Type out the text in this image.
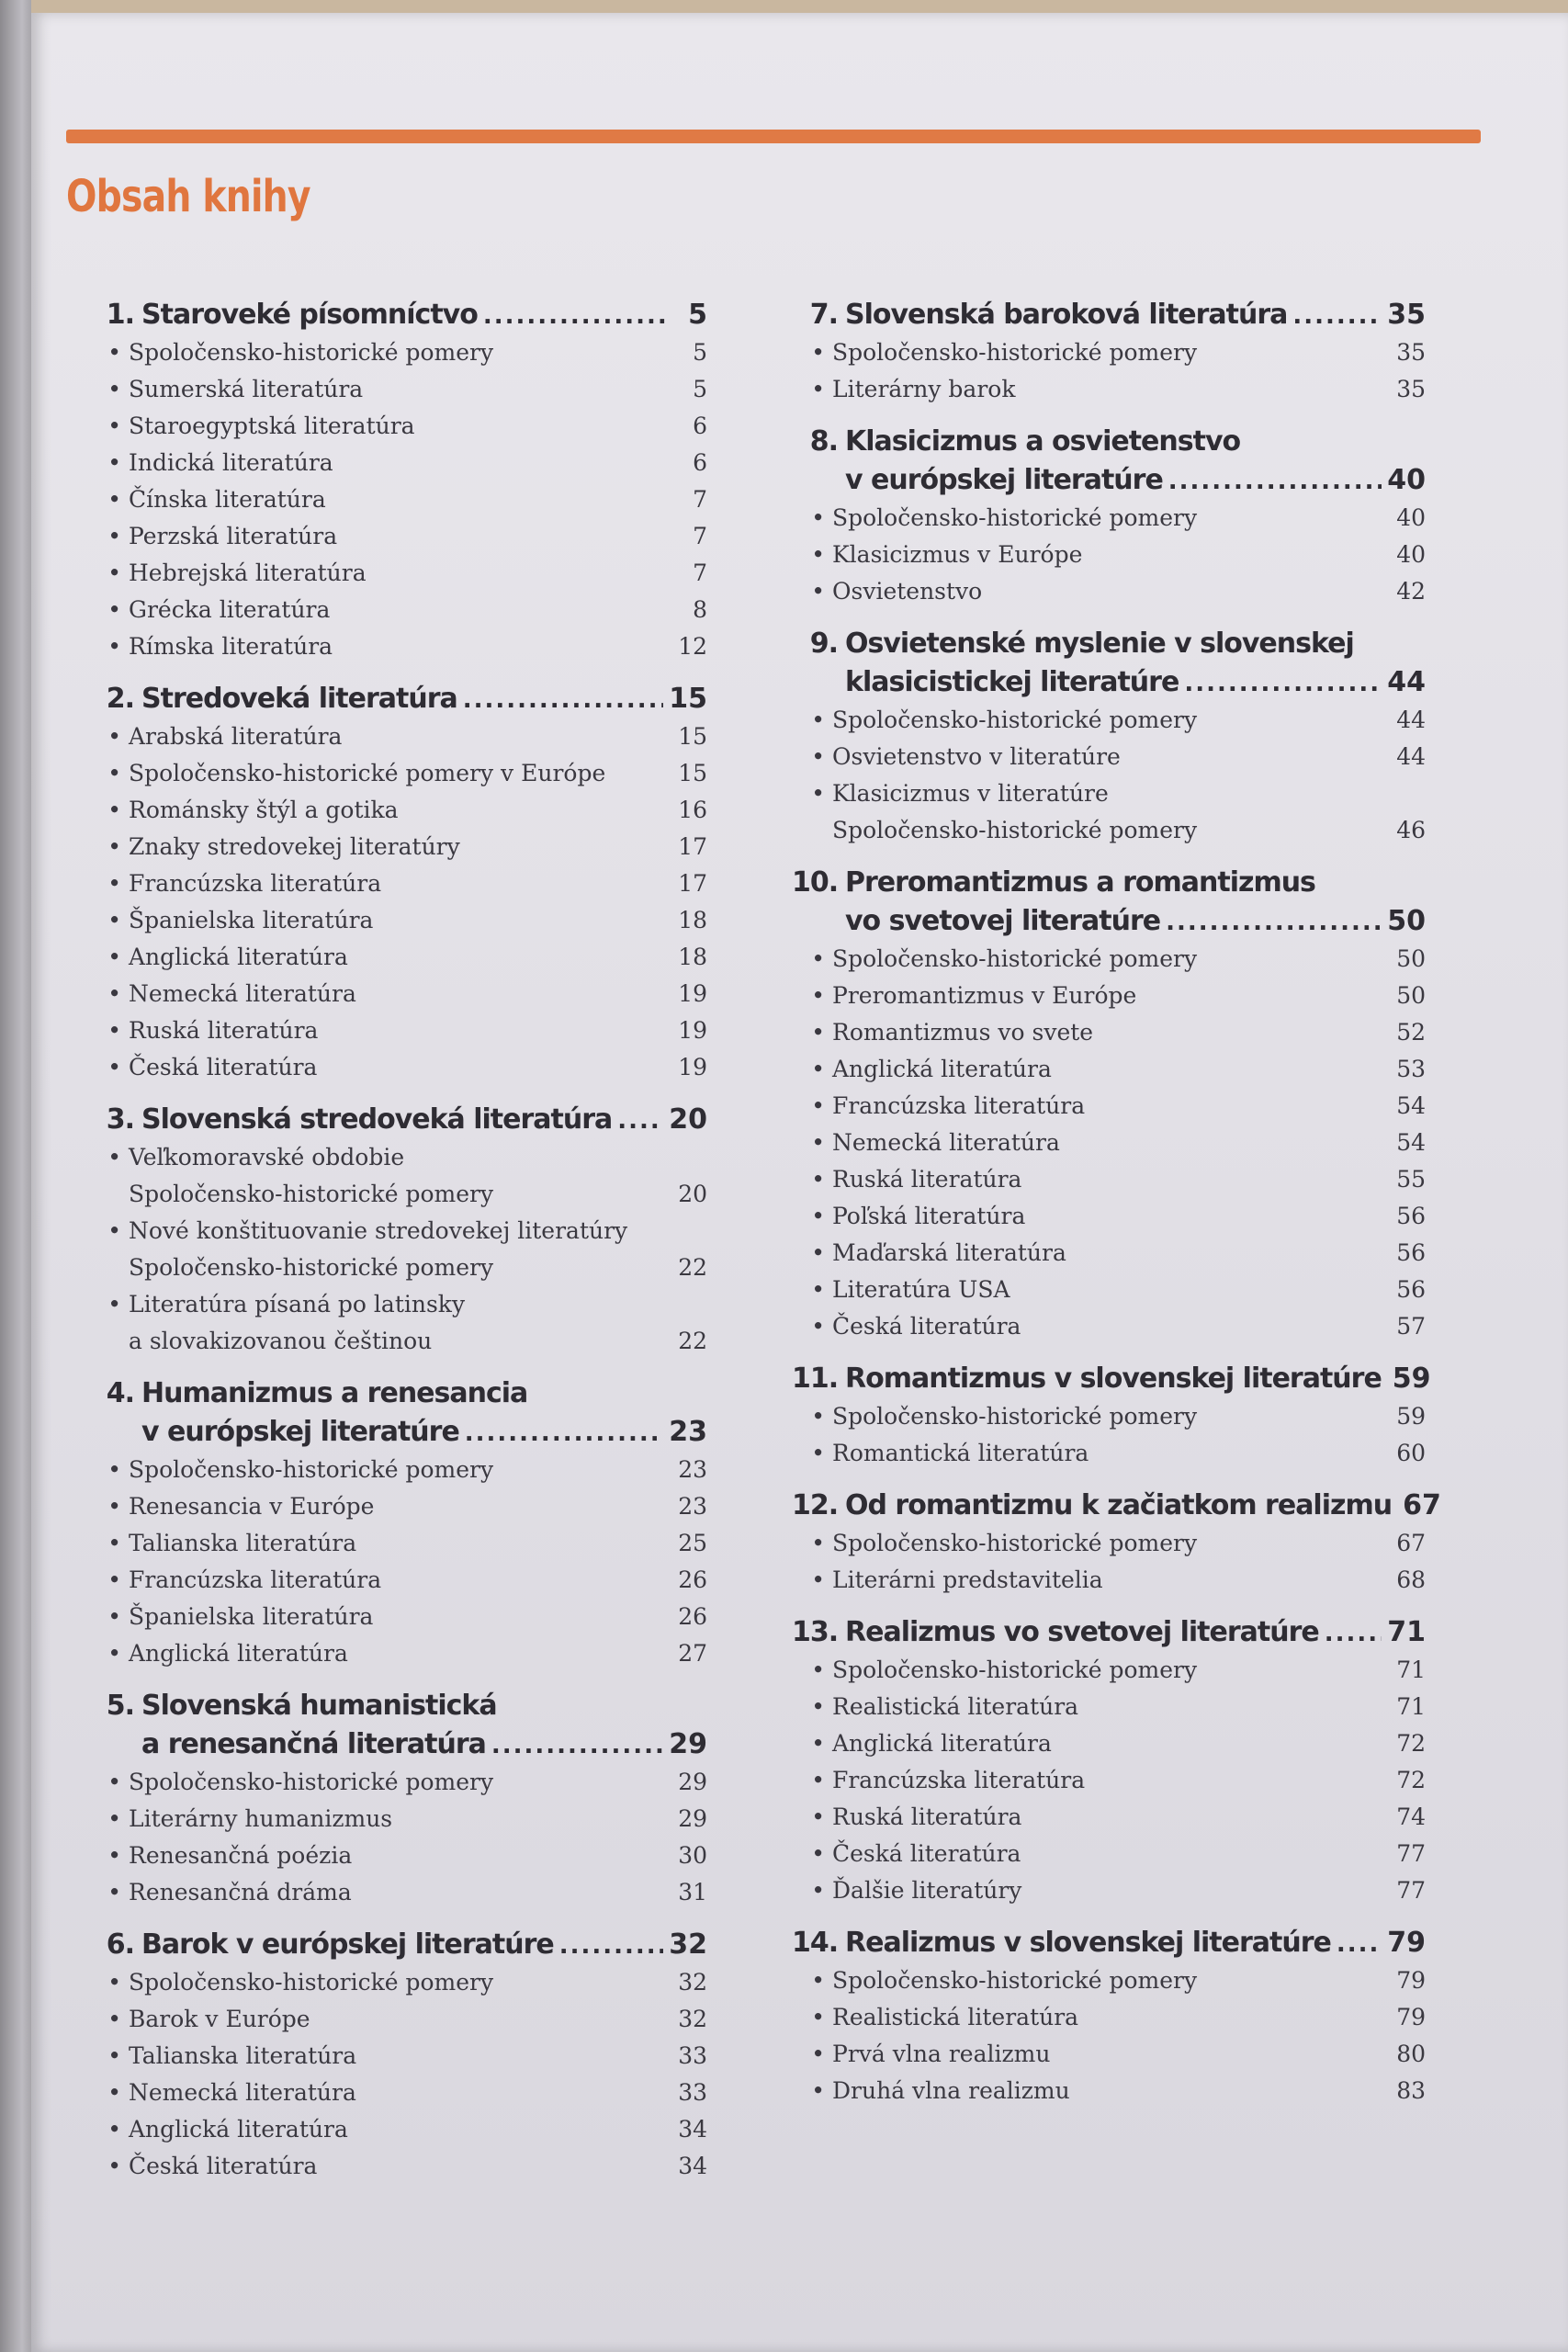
Obsah knihy
1. Staroveké písomníctvo .....	5
• Spoločensko-historické pomery	5
• Sumerská literatúra	5
• Staroegyptská literatúra	6
• Indická literatúra	6
• Čínska literatúra	7
• Perzská literatúra	7
• Hebrejská literatúra	7
• Grécka literatúra	8
• Rímska literatúra	12
2. Stredoveká literatúra .....	15
• Arabská literatúra	15
• Spoločensko-historické pomery v Európe	15
• Románsky štýl a gotika	16
• Znaky stredovekej literatúry	17
• Francúzska literatúra	17
• Španielska literatúra	18
• Anglická literatúra	18
• Nemecká literatúra	19
• Ruská literatúra	19
• Česká literatúra	19
3. Slovenská stredoveká literatúra ..... 20
• Veľkomoravské obdobie
Spoločensko-historické pomery	20
• Nové konštituovanie stredovekej literatúry
Spoločensko-historické pomery	22
• Literatúra písaná po latinsky
a slovakizovanou češtinou	22
4. Humanizmus a renesancia
v európskej literatúre .....	23
• Spoločensko-historické pomery	23
• Renesancia v Európe	23
• Talianska literatúra	25
• Francúzska literatúra	26
• Španielska literatúra	26
• Anglická literatúra	27
5. Slovenská humanistická
a renesančná literatúra .....	29
• Spoločensko-historické pomery	29
• Literárny humanizmus	29
• Renesančná poézia	30
• Renesančná dráma	31
6. Barok v európskej literatúre .....	32
• Spoločensko-historické pomery	32
• Barok v Európe	32
• Talianska literatúra	33
• Nemecká literatúra	33
• Anglická literatúra	34
• Česká literatúra	34
7. Slovenská baroková literatúra .....	35
• Spoločensko-historické pomery	35
• Literárny barok	35
8. Klasicizmus a osvietenstvo
v európskej literatúre .....	40
• Spoločensko-historické pomery	40
• Klasicizmus v Európe	40
• Osvietenstvo	42
9. Osvietenské myslenie v slovenskej
klasicistickej literatúre .....	44
• Spoločensko-historické pomery	44
• Osvietenstvo v literatúre	44
• Klasicizmus v literatúre
Spoločensko-historické pomery	46
10. Preromantizmus a romantizmus
vo svetovej literatúre .....	50
• Spoločensko-historické pomery	50
• Preromantizmus v Európe	50
• Romantizmus vo svete	52
• Anglická literatúra	53
• Francúzska literatúra	54
• Nemecká literatúra	54
• Ruská literatúra	55
• Poľská literatúra	56
• Maďarská literatúra	56
• Literatúra USA	56
• Česká literatúra	57
11. Romantizmus v slovenskej literatúre 59
• Spoločensko-historické pomery	59
• Romantická literatúra	60
12. Od romantizmu k začiatkom realizmu 67
• Spoločensko-historické pomery	67
• Literárni predstavitelia	68
13. Realizmus vo svetovej literatúre ..... 71
• Spoločensko-historické pomery	71
• Realistická literatúra	71
• Anglická literatúra	72
• Francúzska literatúra	72
• Ruská literatúra	74
• Česká literatúra	77
• Ďalšie literatúry	77
14. Realizmus v slovenskej literatúre ..... 79
• Spoločensko-historické pomery	79
• Realistická literatúra	79
• Prvá vlna realizmu	80
• Druhá vlna realizmu	83
